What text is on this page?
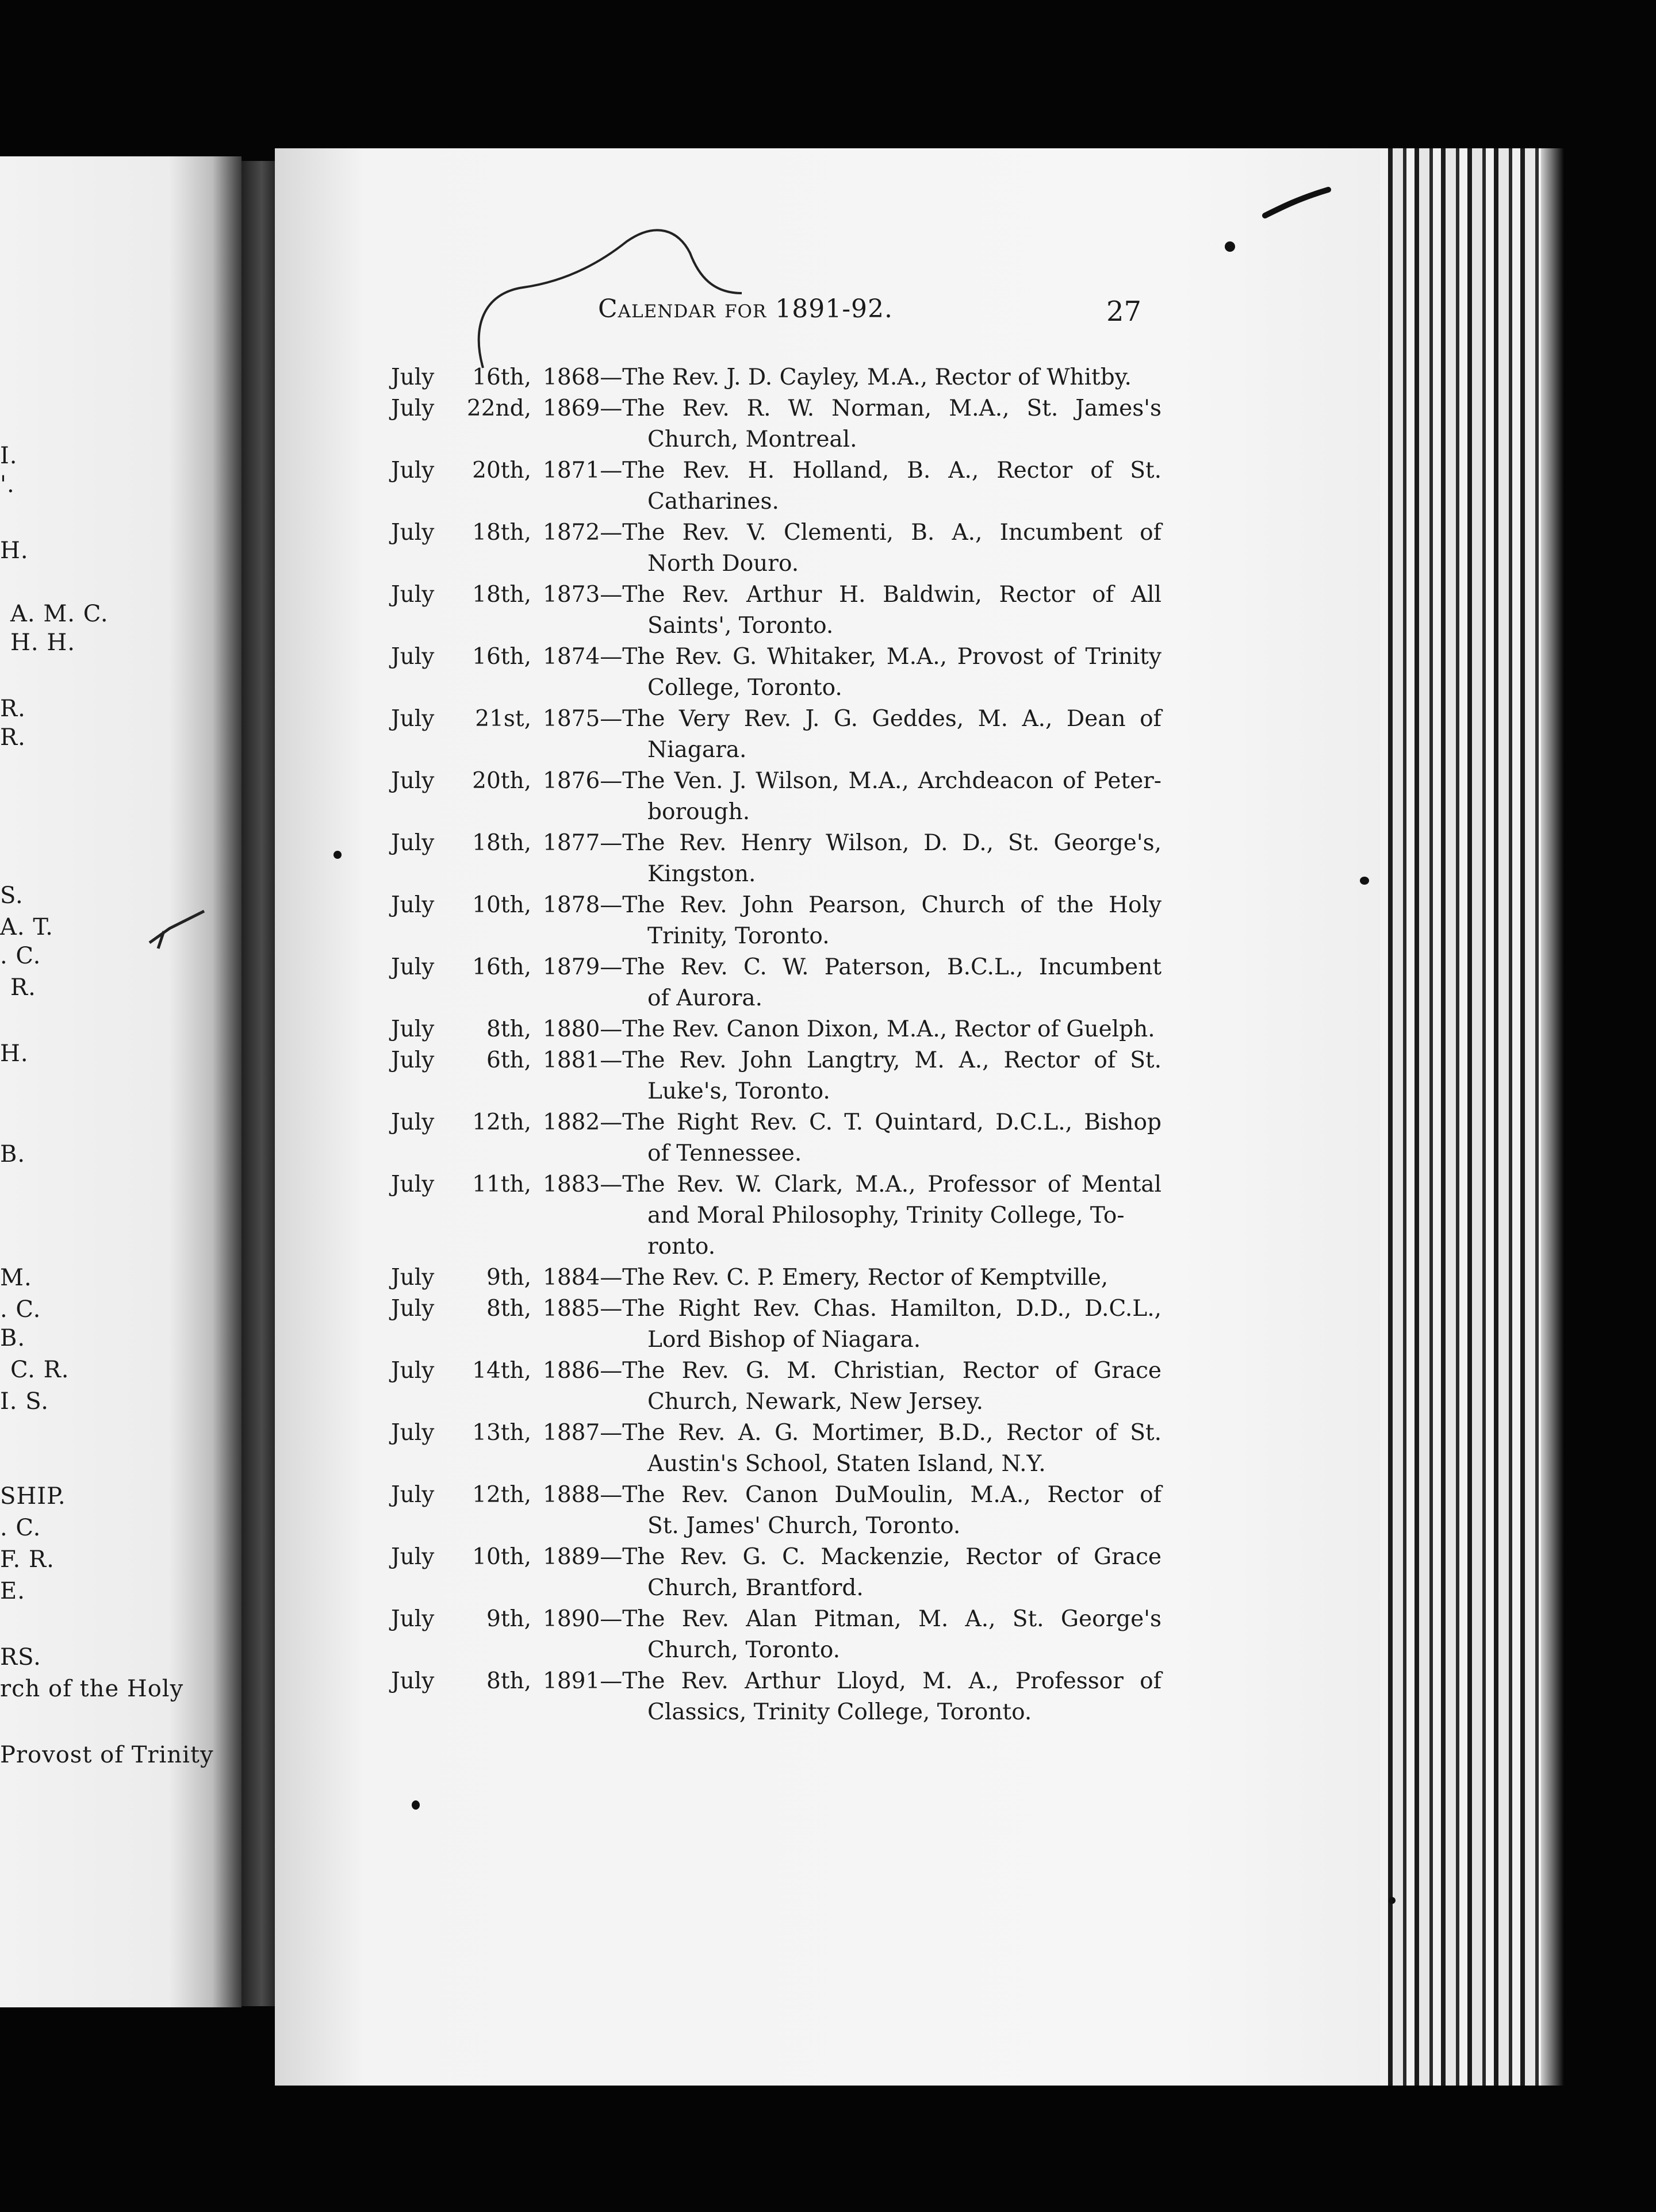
I.
'.
H.
A. M. C.
H. H.
R.
R.
S.
A. T.
. C.
R.
H.
B.
M.
. C.
B.
C. R.
I. S.
SHIP.
. C.
F. R.
E.
RS.
rch of the Holy
Provost of Trinity
Calendar for 1891-92.	27
July	16th, 1868—The Rev. J. D. Cayley, M.A., Rector of Whitby.
July	22nd, 1869—The Rev. R. W. Norman, M.A., St. James's
Church, Montreal.
July	20th, 1871—The Rev. H. Holland, B. A., Rector of St.
Catharines.
July	18th, 1872—The Rev. V. Clementi, B. A., Incumbent of
North Douro.
July	18th, 1873—The Rev. Arthur H. Baldwin, Rector of All
Saints', Toronto.
July	16th, 1874—The Rev. G. Whitaker, M.A., Provost of Trinity
College, Toronto.
July	21st, 1875—The Very Rev. J. G. Geddes, M. A., Dean of
Niagara.
July	20th, 1876—The Ven. J. Wilson, M.A., Archdeacon of Peter-
borough.
July	18th, 1877—The Rev. Henry Wilson, D. D., St. George's,
Kingston.
July	10th, 1878—The Rev. John Pearson, Church of the Holy
Trinity, Toronto.
July	16th, 1879—The Rev. C. W. Paterson, B.C.L., Incumbent
of Aurora.
July	8th, 1880—The Rev. Canon Dixon, M.A., Rector of Guelph.
July	6th, 1881—The Rev. John Langtry, M. A., Rector of St.
Luke's, Toronto.
July	12th, 1882—The Right Rev. C. T. Quintard, D.C.L., Bishop
of Tennessee.
July	11th, 1883—The Rev. W. Clark, M.A., Professor of Mental
and Moral Philosophy, Trinity College, To-
ronto.
July	9th, 1884—The Rev. C. P. Emery, Rector of Kemptville,
July	8th, 1885—The Right Rev. Chas. Hamilton, D.D., D.C.L.,
Lord Bishop of Niagara.
July	14th, 1886—The Rev. G. M. Christian, Rector of Grace
Church, Newark, New Jersey.
July	13th, 1887—The Rev. A. G. Mortimer, B.D., Rector of St.
Austin's School, Staten Island, N.Y.
July	12th, 1888—The Rev. Canon DuMoulin, M.A., Rector of
St. James' Church, Toronto.
July	10th, 1889—The Rev. G. C. Mackenzie, Rector of Grace
Church, Brantford.
July	9th, 1890—The Rev. Alan Pitman, M. A., St. George's
Church, Toronto.
July	8th, 1891—The Rev. Arthur Lloyd, M. A., Professor of
Classics, Trinity College, Toronto.
